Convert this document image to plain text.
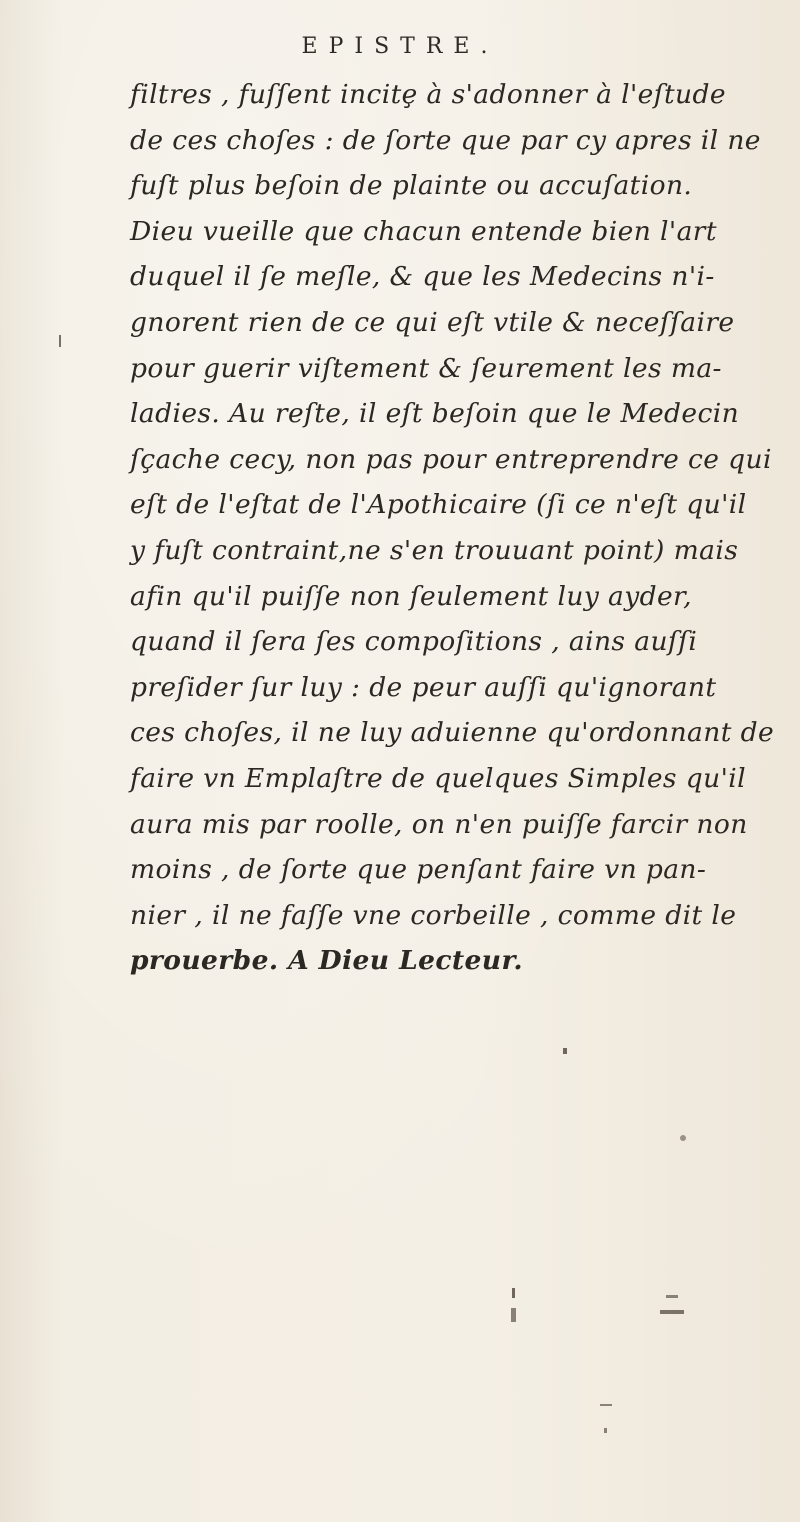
EPISTRE.
filtres , fuſſent incitȩ à s'adonner à l'eſtude
de ces choſes : de ſorte que par cy apres il ne
fuſt plus beſoin de plainte ou accuſation.
Dieu vueille que chacun entende bien l'art
duquel il ſe meſle, & que les Medecins n'i-
gnorent rien de ce qui eſt vtile & neceſſaire
pour guerir viſtement & ſeurement les ma-
ladies. Au reſte, il eſt beſoin que le Medecin
ſçache cecy, non pas pour entreprendre ce qui
eſt de l'eſtat de l'Apothicaire (ſi ce n'eſt qu'il
y fuſt contraint,ne s'en trouuant point) mais
afin qu'il puiſſe non ſeulement luy ayder,
quand il ſera ſes compoſitions , ains auſſi
preſider ſur luy : de peur auſſi qu'ignorant
ces choſes, il ne luy aduienne qu'ordonnant de
faire vn Emplaſtre de quelques Simples qu'il
aura mis par roolle, on n'en puiſſe farcir non
moins , de ſorte que penſant faire vn pan-
nier , il ne faſſe vne corbeille , comme dit le
prouerbe. A Dieu Lecteur.
